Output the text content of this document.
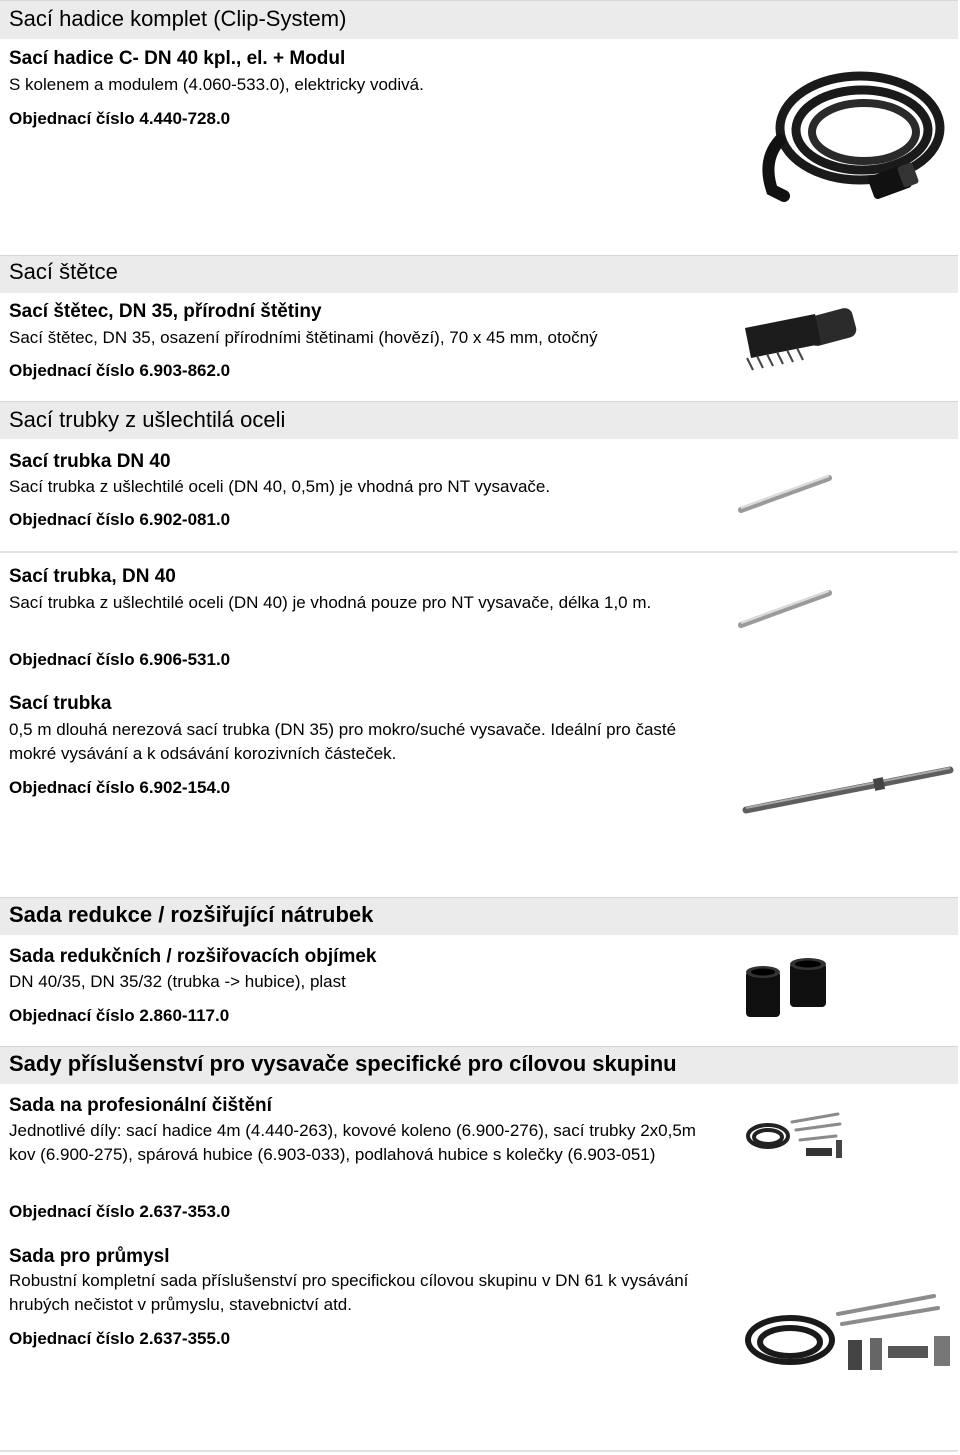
Sací hadice komplet (Clip-System)
Sací hadice C- DN 40 kpl., el. + Modul
S kolenem a modulem (4.060-533.0), elektricky vodivá.
Objednací číslo 4.440-728.0
Sací štětce
Sací štětec, DN 35, přírodní štětiny
Sací štětec, DN 35, osazení přírodními štětinami (hovězí), 70 x 45 mm, otočný
Objednací číslo 6.903-862.0
Sací trubky z ušlechtilá oceli
Sací trubka DN 40
Sací trubka z ušlechtilé oceli (DN 40, 0,5m) je vhodná pro NT vysavače.
Objednací číslo 6.902-081.0
Sací trubka, DN 40
Sací trubka z ušlechtilé oceli (DN 40) je vhodná pouze pro NT vysavače, délka 1,0 m.
Objednací číslo 6.906-531.0
Sací trubka
0,5 m dlouhá nerezová sací trubka (DN 35) pro mokro/suché vysavače. Ideální pro časté mokré vysávání a k odsávání korozivních částeček.
Objednací číslo 6.902-154.0
Sada redukce / rozšiřující nátrubek
Sada redukčních / rozšiřovacích objímek
DN 40/35, DN 35/32 (trubka -> hubice), plast
Objednací číslo 2.860-117.0
Sady příslušenství pro vysavače specifické pro cílovou skupinu
Sada na profesionální čištění
Jednotlivé díly: sací hadice 4m (4.440-263), kovové koleno (6.900-276), sací trubky 2x0,5m kov (6.900-275), spárová hubice (6.903-033), podlahová hubice s kolečky (6.903-051)
Objednací číslo 2.637-353.0
Sada pro průmysl
Robustní kompletní sada příslušenství pro specifickou cílovou skupinu v DN 61 k vysávání hrubých nečistot v průmyslu, stavebnictví atd.
Objednací číslo 2.637-355.0
